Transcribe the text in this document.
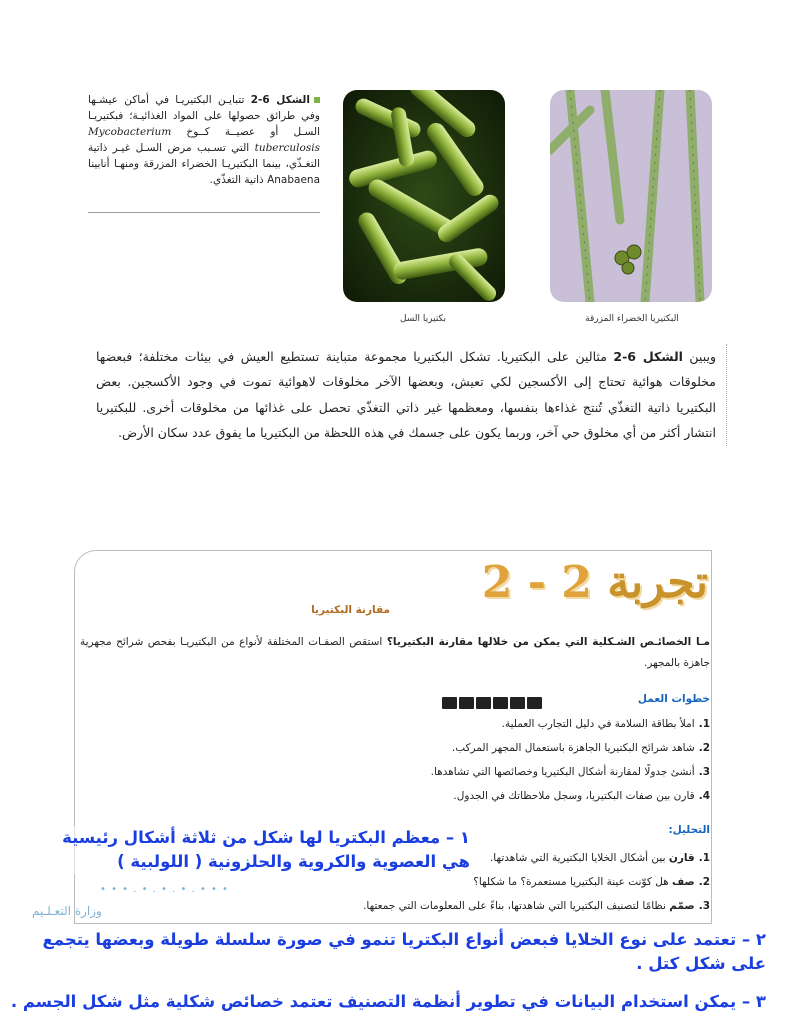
الشكل 6-2 تتبايـن البكتيريـا في أماكن عيشـها وفي طرائق حصولها على المواد الغذائيـة؛ فبكتيريـا السـل أو عصيــة كــوخ Mycobacterium tuberculosis التي تسـبب مرض السـل غيـر ذاتية التغـذّي، بينما البكتيريـا الخضراء المزرقة ومنهـا أنابينا Anabaena ذاتية التغذّي.
بكتيريا السل	البكتيريا الخضراء المزرقة
ويبين الشكل 6-2 مثالين على البكتيريا. تشكل البكتيريا مجموعة متباينة تستطيع العيش في بيئات مختلفة؛ فبعضها مخلوقات هوائية تحتاج إلى الأكسجين لكي تعيش، وبعضها الآخر مخلوقات لاهوائية تموت في وجود الأكسجين. بعض البكتيريا ذاتية التغذّي تُنتج غذاءها بنفسها، ومعظمها غير ذاتي التغذّي تحصل على غذائها من مخلوقات أخرى. للبكتيريا انتشار أكثر من أي مخلوق حي آخر، وربما يكون على جسمك في هذه اللحظة من البكتيريا ما يفوق عدد سكان الأرض.
تجربة 2 - 2
مقارنة البكتيريا
مـا الخصائـص الشـكلية التي يمكن من خلالها مقارنة البكتيريا؟ استقص الصفـات المختلفة لأنواع من البكتيريـا بفحص شرائح مجهرية جاهزة بالمجهر.
خطوات العمل
1.املأ بطاقة السلامة في دليل التجارب العملية.
2.شاهد شرائح البكتيريا الجاهزة باستعمال المجهر المركب.
3.أنشئ جدولًا لمقارنة أشكال البكتيريا وخصائصها التي تشاهدها.
4.قارن بين صفات البكتيريا، وسجل ملاحظاتك في الجدول.
التحليل:
1.قارن بين أشكال الخلايا البكتيرية التي شاهدتها.
2.صف هل كوّنت عينة البكتيريا مستعمرة؟ ما شكلها؟
3.صمّم نظامًا لتصنيف البكتيريا التي شاهدتها، بناءً على المعلومات التي جمعتها.
• • • . • . • . • . • • •
وزارة التعـلـيم
١ – معظم البكتريا لها شكل من ثلاثة أشكال رئيسية هي العصوية والكروية والحلزونية ( اللولبية )
٢ – تعتمد على نوع الخلايا فبعض أنواع البكتريا تنمو في صورة سلسلة طويلة وبعضها يتجمع على شكل كتل .
٣ – يمكن استخدام البيانات في تطوير أنظمة التصنيف تعتمد خصائص شكلية مثل شكل الجسم .
